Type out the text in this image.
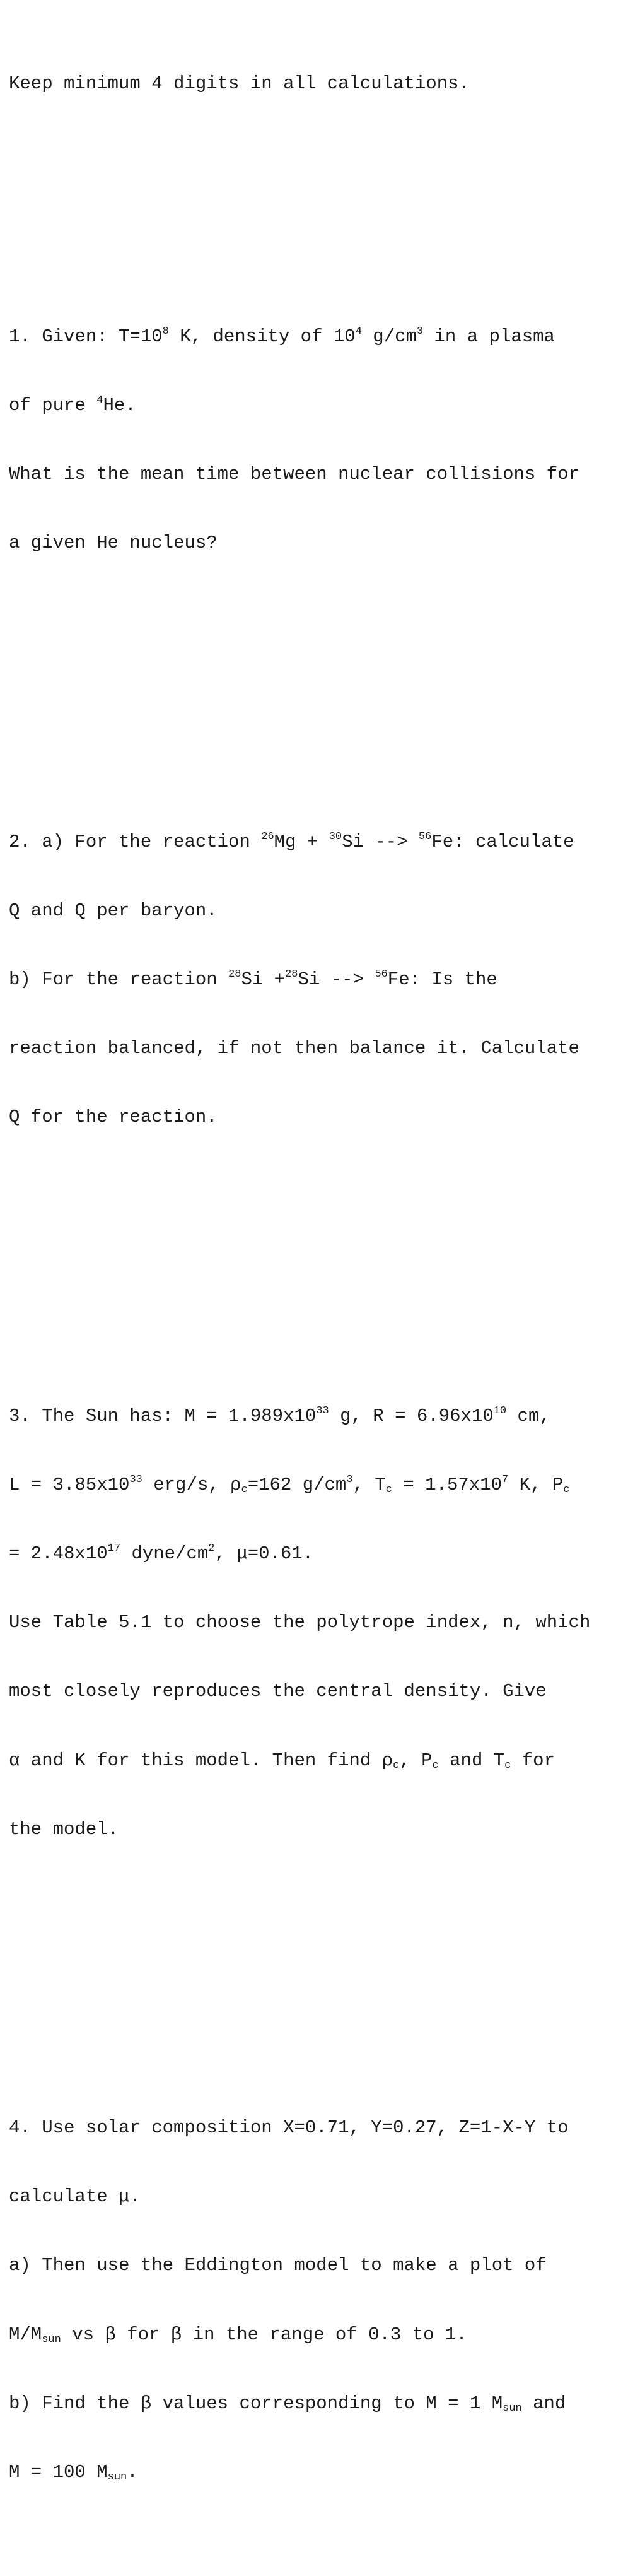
Keep minimum 4 digits in all calculations.

1. Given: $T=10^8$ K, density of $10^4$ $g/cm^3$ in a plasma

of pure $^4$He.

What is the mean time between nuclear collisions for

a given He nucleus?

2. a) For the reaction $^{26}$Mg + $^{30}$Si --> $^{56}$Fe: calculate

Q and Q per baryon.

b) For the reaction $^{28}$Si +$^{28}$Si --> $^{56}$Fe: Is the

reaction balanced, if not then balance it. Calculate

Q for the reaction.

3. The Sun has: $M = 1.989x10^{33}$ g, $R = 6.96x10^{10}$ cm,

$L = 3.85x10^{33}$ erg/s, $\rho_c=162$ $g/cm^3$, $T_c = 1.57x10^7$ K, $P_c$

= $2.48x10^{17}$ dyne/$cm^2$, μ=0.61.

Use Table 5.1 to choose the polytrope index, n, which

most closely reproduces the central density. Give

α and K for this model. Then find $\rho_c$, $P_c$ and $T_c$ for

the model.

4. Use solar composition X=0.71, Y=0.27, Z=1-X-Y to

calculate μ.

a) Then use the Eddington model to make a plot of

$M/M_{sun}$ vs β for β in the range of 0.3 to 1.

b) Find the β values corresponding to M = 1 $M_{sun}$ and

M = 100 $M_{sun}$.
